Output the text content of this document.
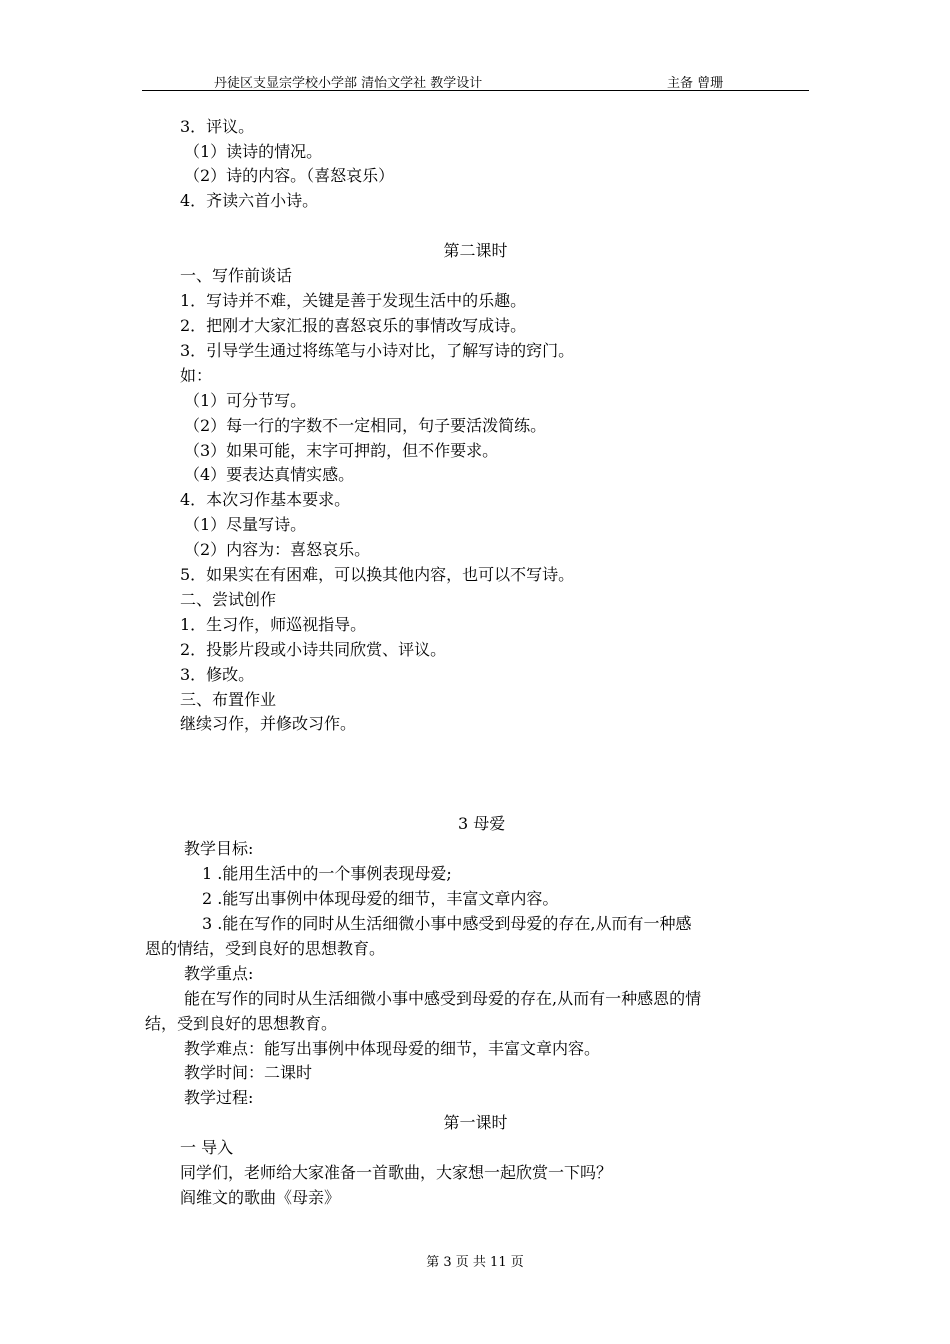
丹徒区支显宗学校小学部 清怡文学社 教学设计	主备 曾珊
3．评议。
（1）读诗的情况。
（2）诗的内容。（喜怒哀乐）
4．齐读六首小诗。
第二课时
一、写作前谈话
1．写诗并不难，关键是善于发现生活中的乐趣。
2．把刚才大家汇报的喜怒哀乐的事情改写成诗。
3．引导学生通过将练笔与小诗对比，了解写诗的窍门。
如：
（1）可分节写。
（2）每一行的字数不一定相同，句子要活泼简练。
（3）如果可能，末字可押韵，但不作要求。
（4）要表达真情实感。
4．本次习作基本要求。
（1）尽量写诗。
（2）内容为：喜怒哀乐。
5．如果实在有困难，可以换其他内容，也可以不写诗。
二、尝试创作
1．生习作，师巡视指导。
2．投影片段或小诗共同欣赏、评议。
3．修改。
三、布置作业
继续习作，并修改习作。
3 母爱
教学目标:
1 .能用生活中的一个事例表现母爱;
2 .能写出事例中体现母爱的细节，丰富文章内容。
3 .能在写作的同时从生活细微小事中感受到母爱的存在,从而有一种感
恩的情结，受到良好的思想教育。
教学重点:
能在写作的同时从生活细微小事中感受到母爱的存在,从而有一种感恩的情
结，受到良好的思想教育。
教学难点：能写出事例中体现母爱的细节，丰富文章内容。
教学时间：二课时
教学过程:
第一课时
一 导入
同学们，老师给大家准备一首歌曲，大家想一起欣赏一下吗？
阎维文的歌曲《母亲》
第 3 页 共 11 页
